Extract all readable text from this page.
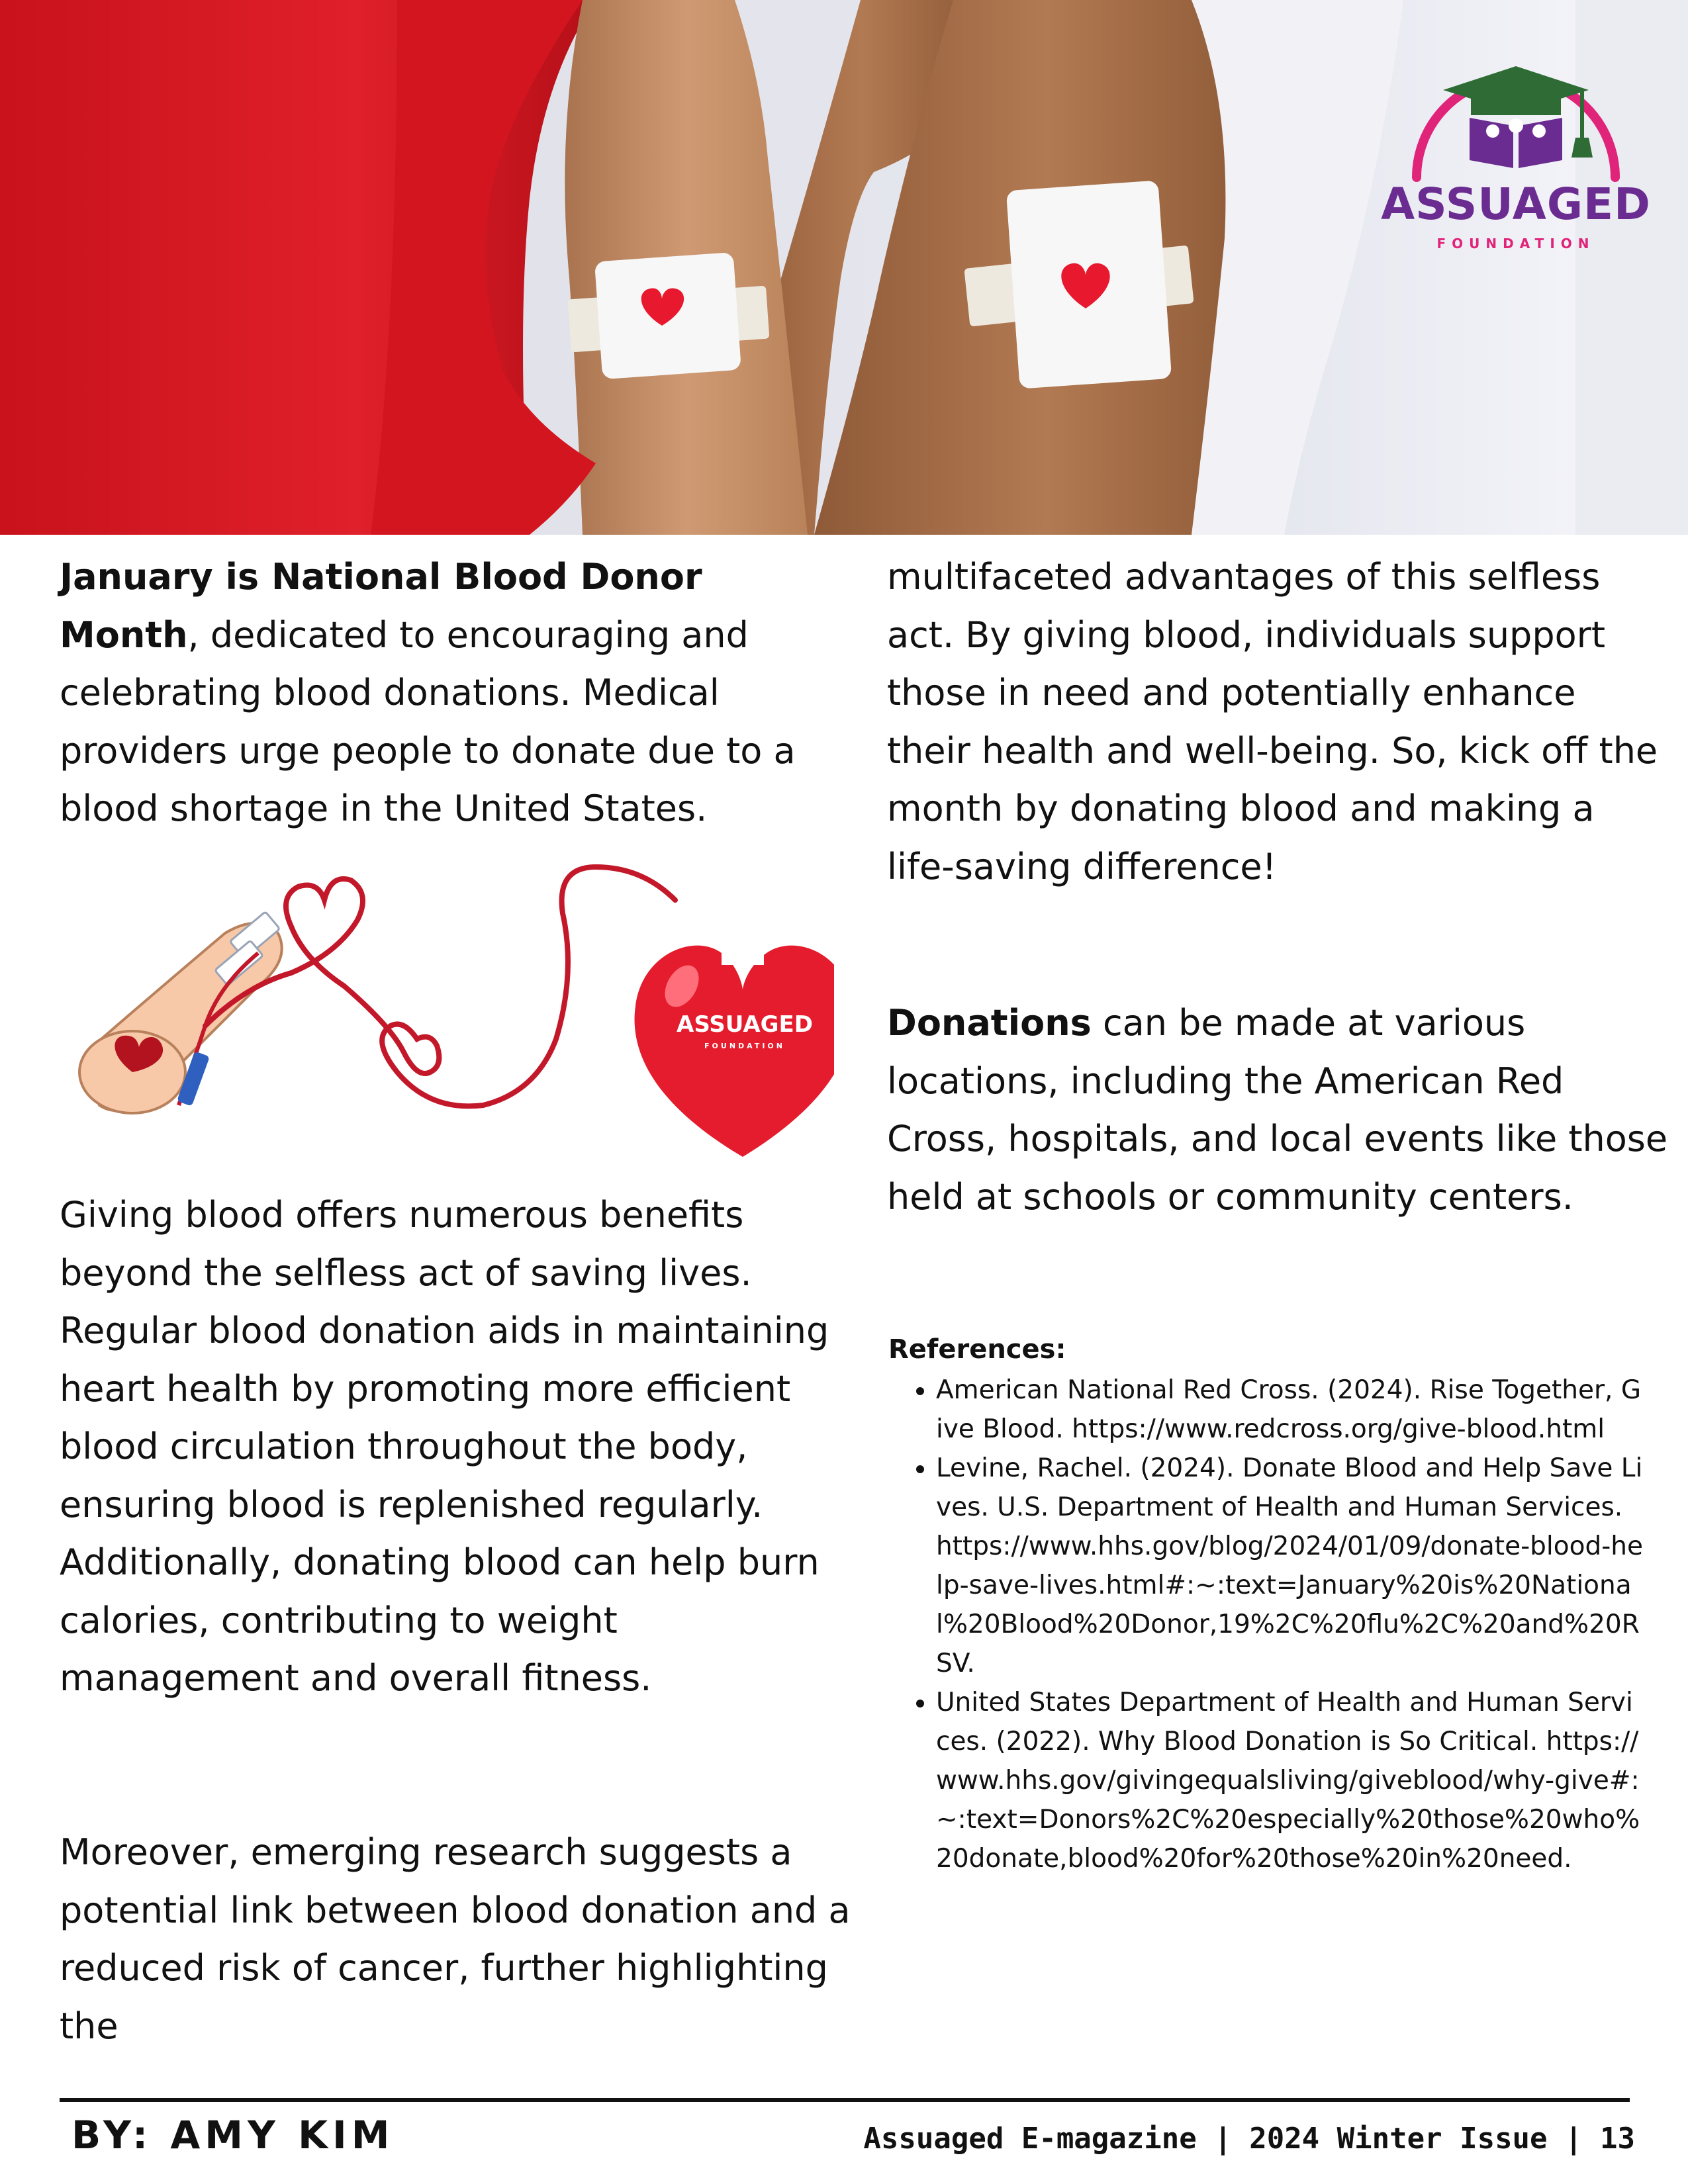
ASSUAGED
FOUNDATION

January is National Blood Donor Month, dedicated to encouraging and celebrating blood donations. Medical providers urge people to donate due to a blood shortage in the United States.

ASSUAGED
FOUNDATION

Giving blood offers numerous benefits beyond the selfless act of saving lives. Regular blood donation aids in maintaining heart health by promoting more efficient blood circulation throughout the body, ensuring blood is replenished regularly. Additionally, donating blood can help burn calories, contributing to weight management and overall fitness.

Moreover, emerging research suggests a potential link between blood donation and a reduced risk of cancer, further highlighting the

multifaceted advantages of this selfless act. By giving blood, individuals support those in need and potentially enhance their health and well-being. So, kick off the month by donating blood and making a life-saving difference!

Donations can be made at various locations, including the American Red Cross, hospitals, and local events like those held at schools or community centers.

References:

• American National Red Cross. (2024). Rise Together, Give Blood. https://www.redcross.org/give-blood.html
• Levine, Rachel. (2024). Donate Blood and Help Save Lives. U.S. Department of Health and Human Services. https://www.hhs.gov/blog/2024/01/09/donate-blood-help-save-lives.html#:~:text=January%20is%20National%20Blood%20Donor,19%2C%20flu%2C%20and%20RSV.
• United States Department of Health and Human Services. (2022). Why Blood Donation is So Critical. https://www.hhs.gov/givingequalsliving/giveblood/why-give#:~:text=Donors%2C%20especially%20those%20who%20donate,blood%20for%20those%20in%20need.
BY: AMY KIM	Assuaged E-magazine | 2024 Winter Issue | 13
